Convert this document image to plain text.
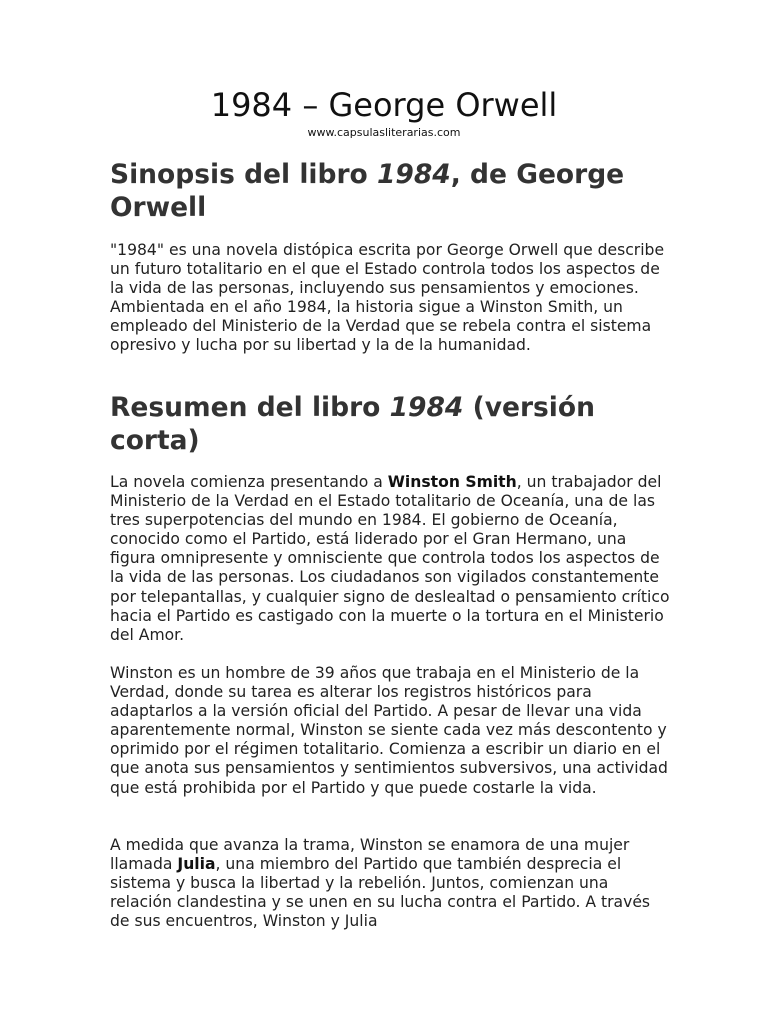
1984 – George Orwell

www.capsulasliterarias.com

Sinopsis del libro 1984, de George Orwell

"1984" es una novela distópica escrita por George Orwell que describe un futuro totalitario en el que el Estado controla todos los aspectos de la vida de las personas, incluyendo sus pensamientos y emociones. Ambientada en el año 1984, la historia sigue a Winston Smith, un empleado del Ministerio de la Verdad que se rebela contra el sistema opresivo y lucha por su libertad y la de la humanidad.

Resumen del libro 1984 (versión corta)

La novela comienza presentando a Winston Smith, un trabajador del Ministerio de la Verdad en el Estado totalitario de Oceanía, una de las tres superpotencias del mundo en 1984. El gobierno de Oceanía, conocido como el Partido, está liderado por el Gran Hermano, una figura omnipresente y omnisciente que controla todos los aspectos de la vida de las personas. Los ciudadanos son vigilados constantemente por telepantallas, y cualquier signo de deslealtad o pensamiento crítico hacia el Partido es castigado con la muerte o la tortura en el Ministerio del Amor.

Winston es un hombre de 39 años que trabaja en el Ministerio de la Verdad, donde su tarea es alterar los registros históricos para adaptarlos a la versión oficial del Partido. A pesar de llevar una vida aparentemente normal, Winston se siente cada vez más descontento y oprimido por el régimen totalitario. Comienza a escribir un diario en el que anota sus pensamientos y sentimientos subversivos, una actividad que está prohibida por el Partido y que puede costarle la vida.

A medida que avanza la trama, Winston se enamora de una mujer llamada Julia, una miembro del Partido que también desprecia el sistema y busca la libertad y la rebelión. Juntos, comienzan una relación clandestina y se unen en su lucha contra el Partido. A través de sus encuentros, Winston y Julia
